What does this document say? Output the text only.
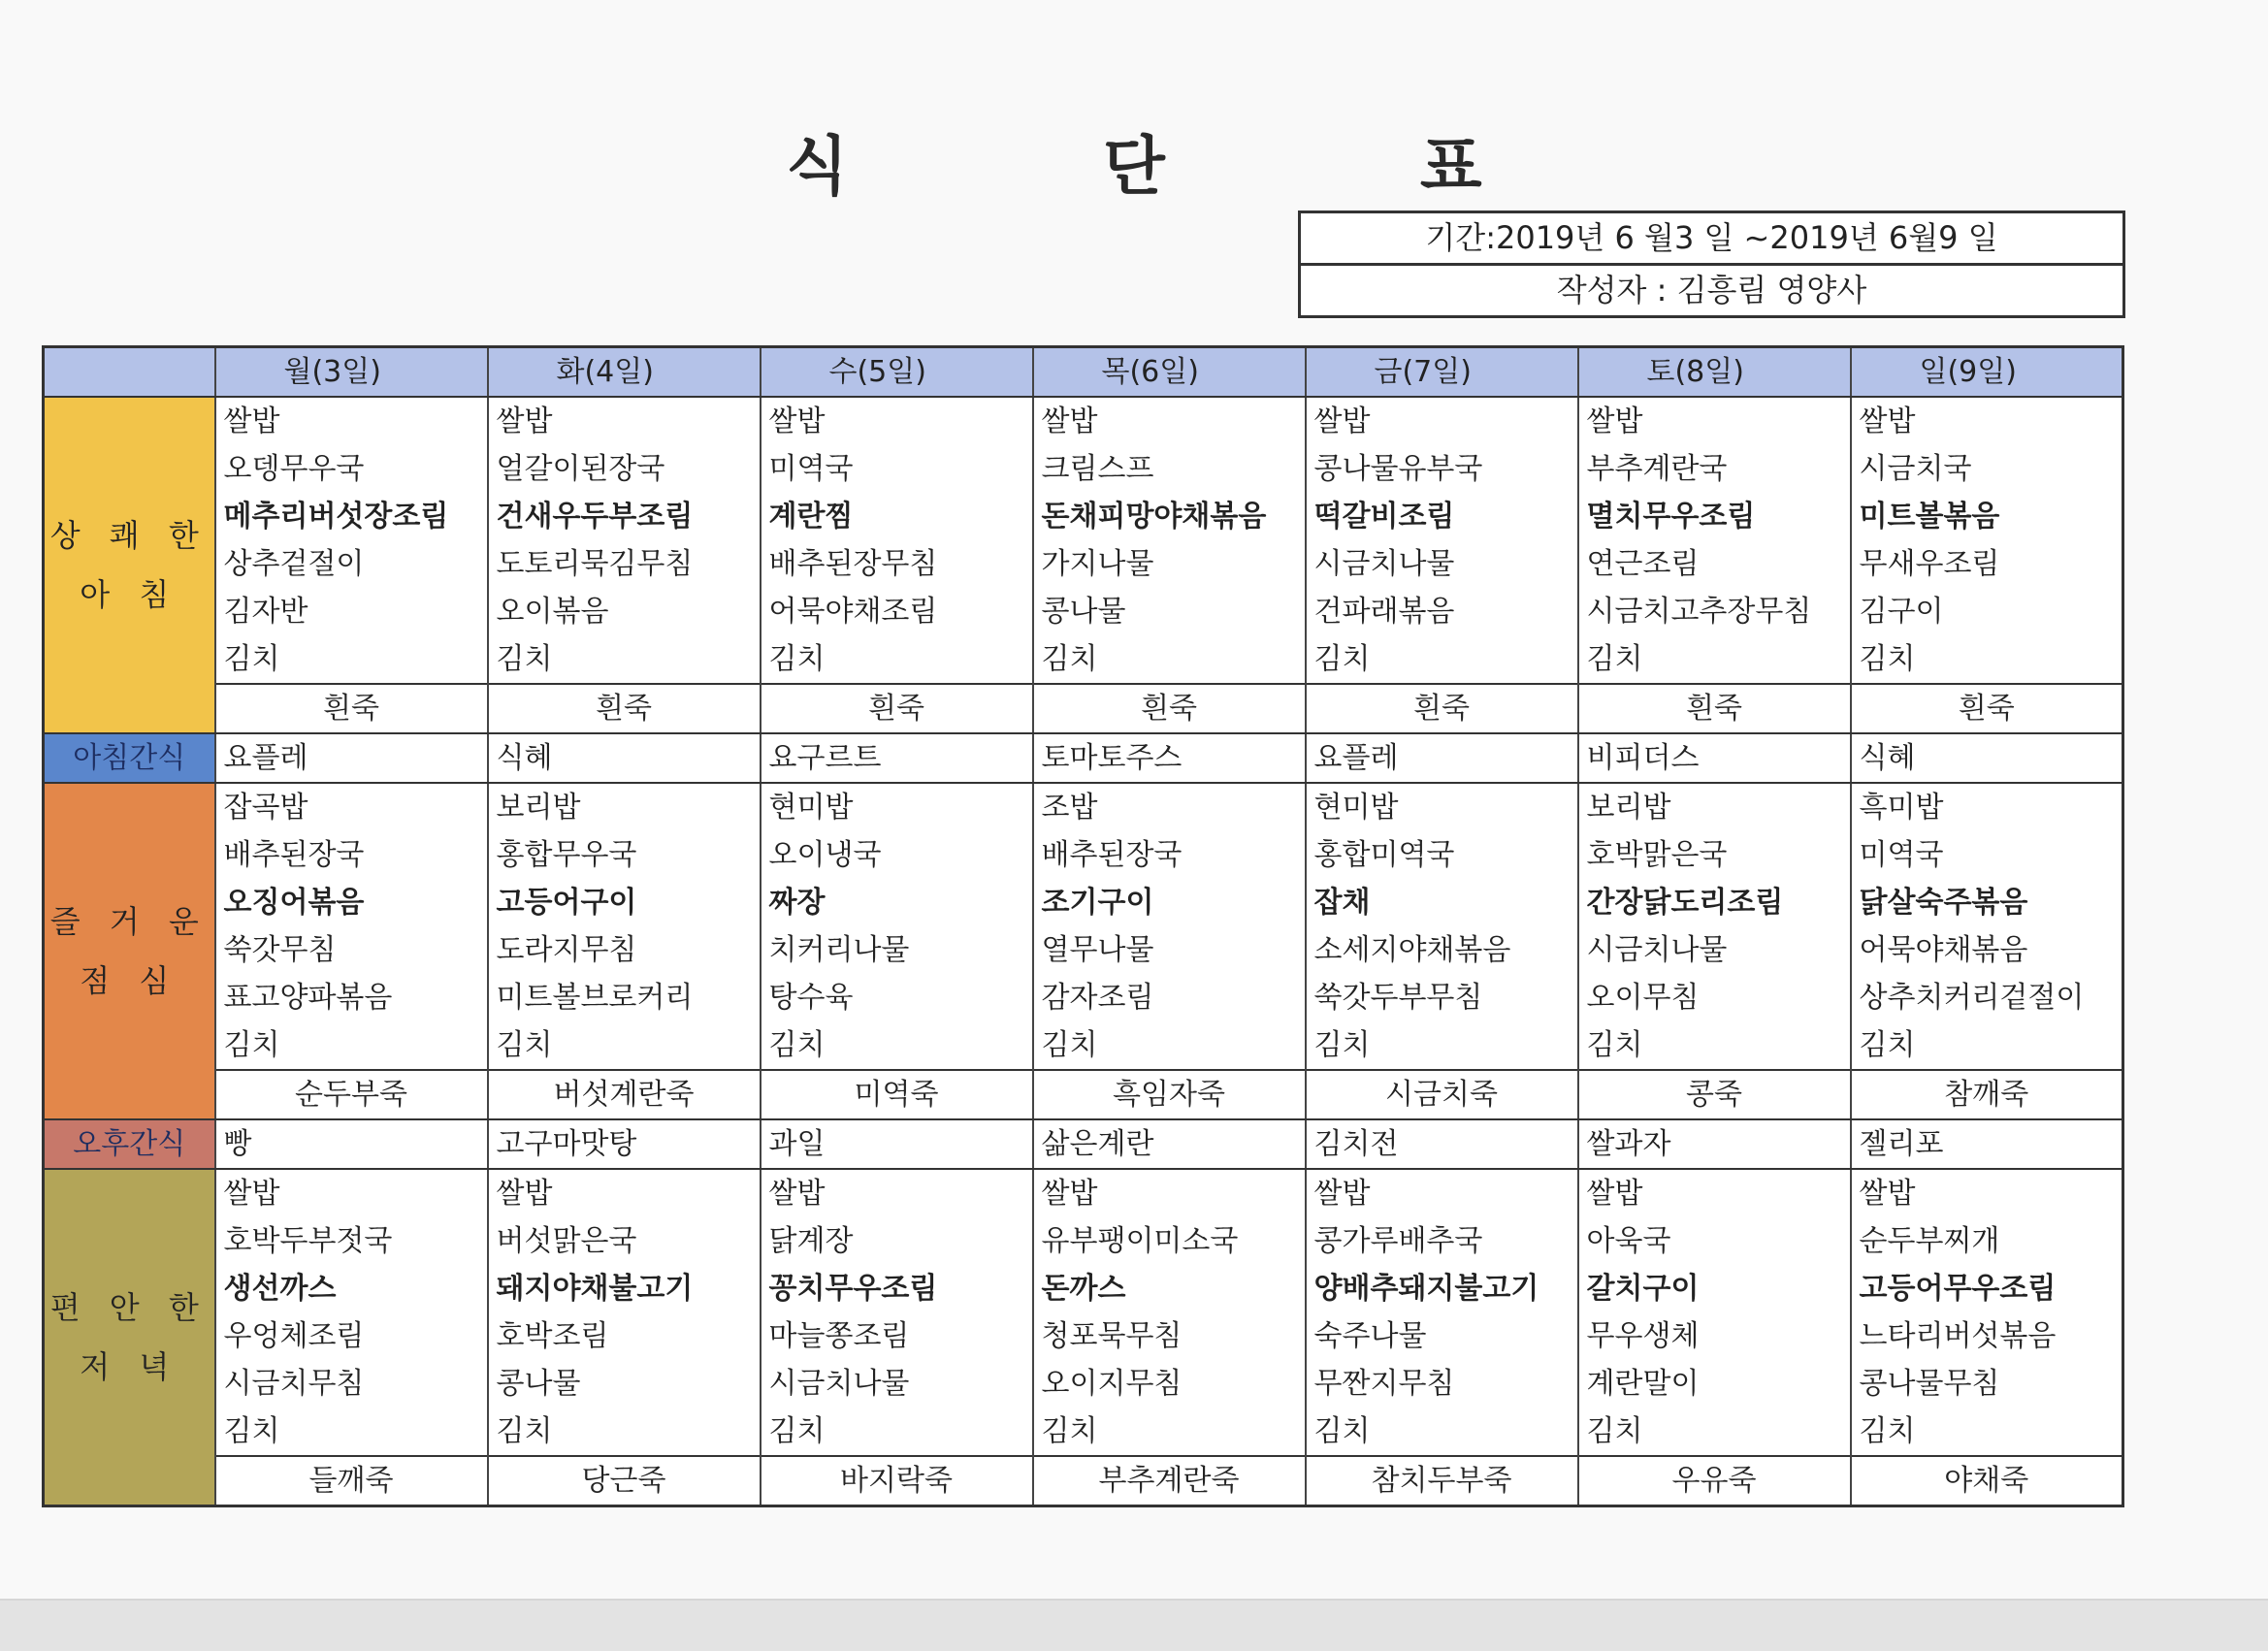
식 단 표
기간:2019년 6 월3 일 ~2019년 6월9 일
작성자 : 김흥림 영양사
	월(3일)	화(4일)	수(5일)	목(6일)	금(7일)	토(8일)	일(9일)

상 쾌 한
아 침	쌀밥	쌀밥	쌀밥	쌀밥	쌀밥	쌀밥	쌀밥
	오뎅무우국	얼갈이된장국	미역국	크림스프	콩나물유부국	부추계란국	시금치국
	메추리버섯장조림	건새우두부조림	계란찜	돈채피망야채볶음	떡갈비조림	멸치무우조림	미트볼볶음
	상추겉절이	도토리묵김무침	배추된장무침	가지나물	시금치나물	연근조림	무새우조림
	김자반	오이볶음	어묵야채조림	콩나물	건파래볶음	시금치고추장무침	김구이
	김치	김치	김치	김치	김치	김치	김치
	흰죽	흰죽	흰죽	흰죽	흰죽	흰죽	흰죽
아침간식	요플레	식혜	요구르트	토마토주스	요플레	비피더스	식혜

즐 거 운
점 심	잡곡밥	보리밥	현미밥	조밥	현미밥	보리밥	흑미밥
	배추된장국	홍합무우국	오이냉국	배추된장국	홍합미역국	호박맑은국	미역국
	오징어볶음	고등어구이	짜장	조기구이	잡채	간장닭도리조림	닭살숙주볶음
	쑥갓무침	도라지무침	치커리나물	열무나물	소세지야채볶음	시금치나물	어묵야채볶음
	표고양파볶음	미트볼브로커리	탕수육	감자조림	쑥갓두부무침	오이무침	상추치커리겉절이
	김치	김치	김치	김치	김치	김치	김치
	순두부죽	버섯계란죽	미역죽	흑임자죽	시금치죽	콩죽	참깨죽
오후간식	빵	고구마맛탕	과일	삶은계란	김치전	쌀과자	젤리포

편 안 한
저 녁	쌀밥	쌀밥	쌀밥	쌀밥	쌀밥	쌀밥	쌀밥
	호박두부젓국	버섯맑은국	닭계장	유부팽이미소국	콩가루배추국	아욱국	순두부찌개
	생선까스	돼지야채불고기	꽁치무우조림	돈까스	양배추돼지불고기	갈치구이	고등어무우조림
	우엉체조림	호박조림	마늘쫑조림	청포묵무침	숙주나물	무우생체	느타리버섯볶음
	시금치무침	콩나물	시금치나물	오이지무침	무짠지무침	계란말이	콩나물무침
	김치	김치	김치	김치	김치	김치	김치
	들깨죽	당근죽	바지락죽	부추계란죽	참치두부죽	우유죽	야채죽
